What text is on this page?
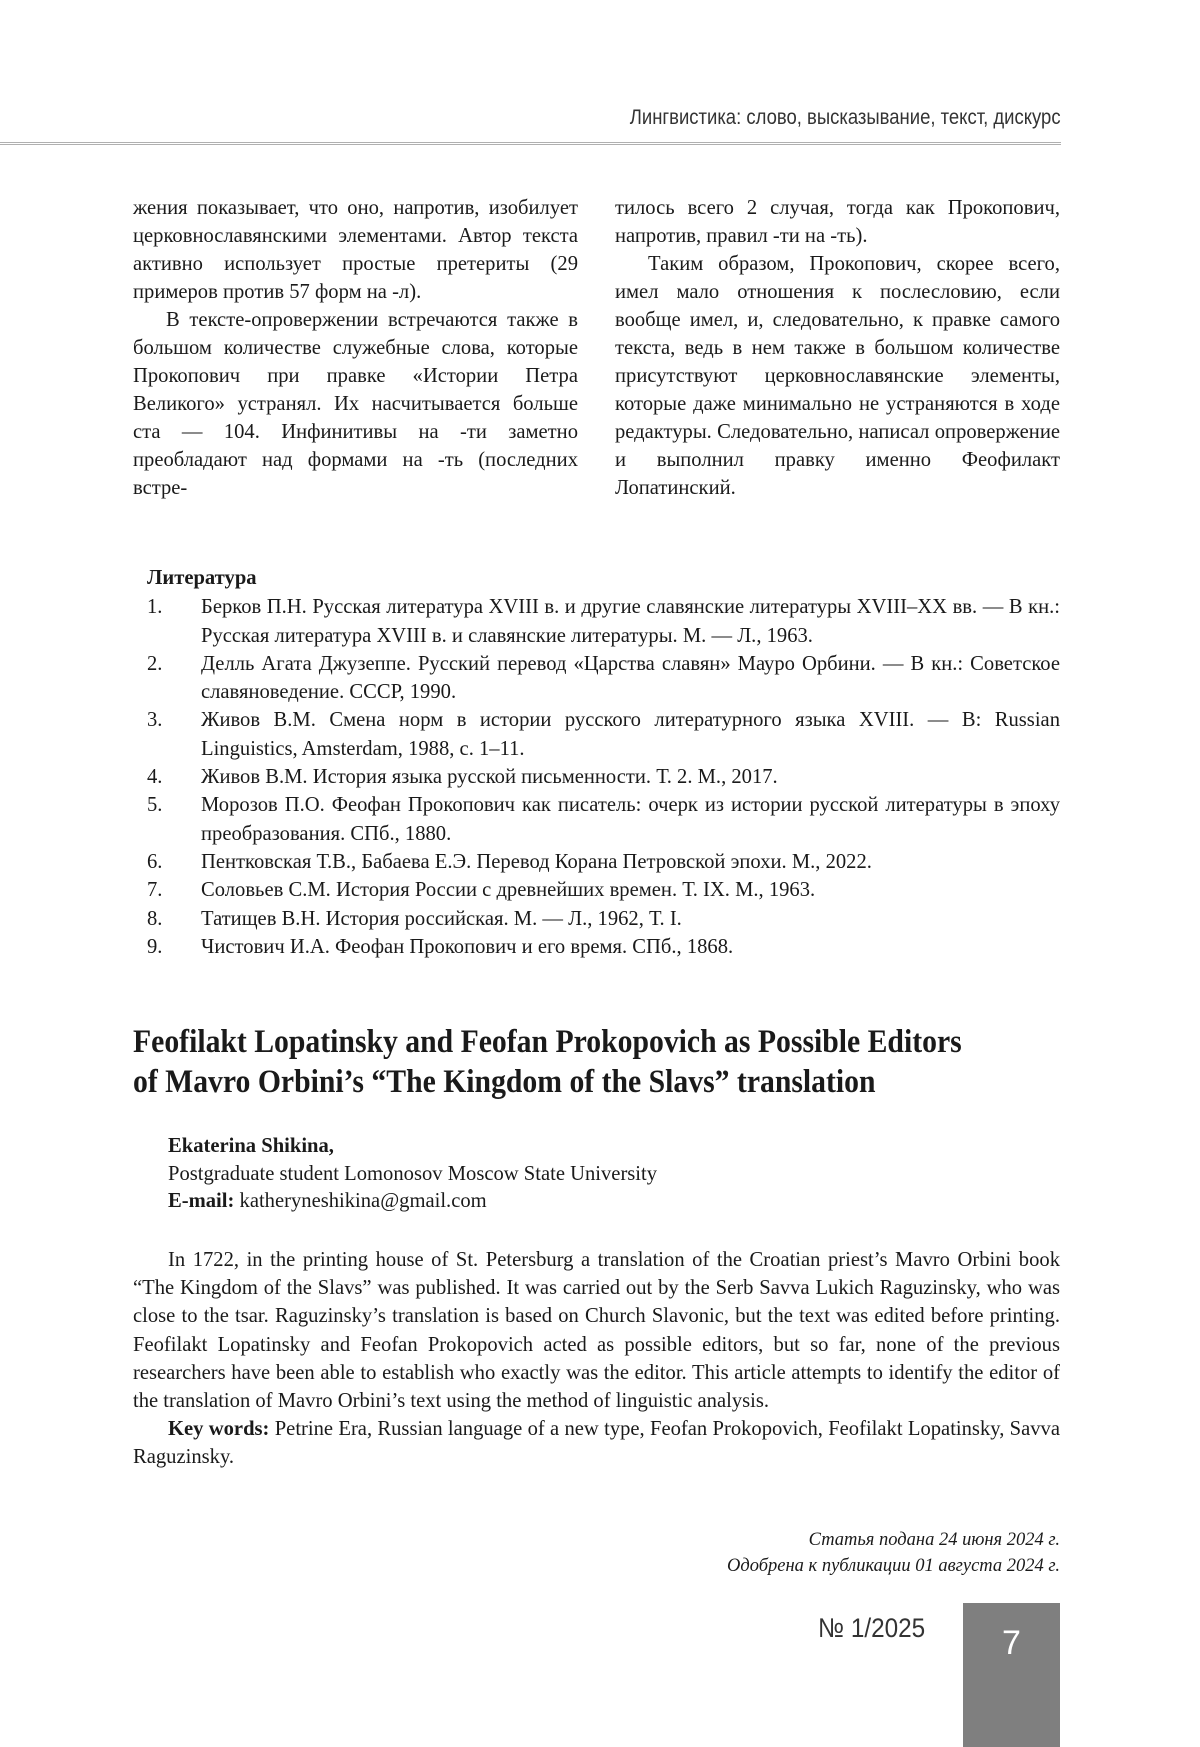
Лингвистика: слово, высказывание, текст, дискурс

жения показывает, что оно, напротив, изобилует церковнославянскими элементами. Автор текста активно использует простые претериты (29 примеров против 57 форм на -л).

В тексте-опровержении встречаются также в большом количестве служебные слова, которые Прокопович при правке «Истории Петра Великого» устранял. Их насчитывается больше ста — 104. Инфинитивы на -ти заметно преобладают над формами на -ть (последних встре-

тилось всего 2 случая, тогда как Прокопович, напротив, правил -ти на -ть).

Таким образом, Прокопович, скорее всего, имел мало отношения к послесловию, если вообще имел, и, следовательно, к правке самого текста, ведь в нем также в большом количестве присутствуют церковнославянские элементы, которые даже минимально не устраняются в ходе редактуры. Следовательно, написал опровержение и выполнил правку именно Феофилакт Лопатинский.

Литература
1.	Берков П.Н. Русская литература XVIII в. и другие славянские литературы XVIII–XX вв. — В кн.: Русская литература XVIII в. и славянские литературы. М. — Л., 1963.
2.	Делль Агата Джузеппе. Русский перевод «Царства славян» Мауро Орбини. — В кн.: Советское славяноведение. СССР, 1990.
3.	Живов В.М. Смена норм в истории русского литературного языка XVIII. — В: Russian Linguistics, Amsterdam, 1988, с. 1–11.
4.	Живов В.М. История языка русской письменности. Т. 2. М., 2017.
5.	Морозов П.О. Феофан Прокопович как писатель: очерк из истории русской литературы в эпоху преобразования. СПб., 1880.
6.	Пентковская Т.В., Бабаева Е.Э. Перевод Корана Петровской эпохи. М., 2022.
7.	Соловьев С.М. История России с древнейших времен. Т. IX. М., 1963.
8.	Татищев В.Н. История российская. М. — Л., 1962, Т. I.
9.	Чистович И.А. Феофан Прокопович и его время. СПб., 1868.
Feofilakt Lopatinsky and Feofan Prokopovich as Possible Editors
of Mavro Orbini’s “The Kingdom of the Slavs” translation
Ekaterina Shikina,
Postgraduate student Lomonosov Moscow State University
E-mail: katheryneshikina@gmail.com

In 1722, in the printing house of St. Petersburg a translation of the Croatian priest’s Mavro Orbini book “The Kingdom of the Slavs” was published. It was carried out by the Serb Savva Lukich Raguzinsky, who was close to the tsar. Raguzinsky’s translation is based on Church Slavonic, but the text was edited before printing. Feofilakt Lopatinsky and Feofan Prokopovich acted as possible editors, but so far, none of the previous researchers have been able to establish who exactly was the editor. This article attempts to identify the editor of the translation of Mavro Orbini’s text using the method of linguistic analysis.

Key words: Petrine Era, Russian language of a new type, Feofan Prokopovich, Feofilakt Lopatinsky, Savva Raguzinsky.

Статья подана 24 июня 2024 г.
Одобрена к публикации 01 августа 2024 г.
№ 1/2025	7
